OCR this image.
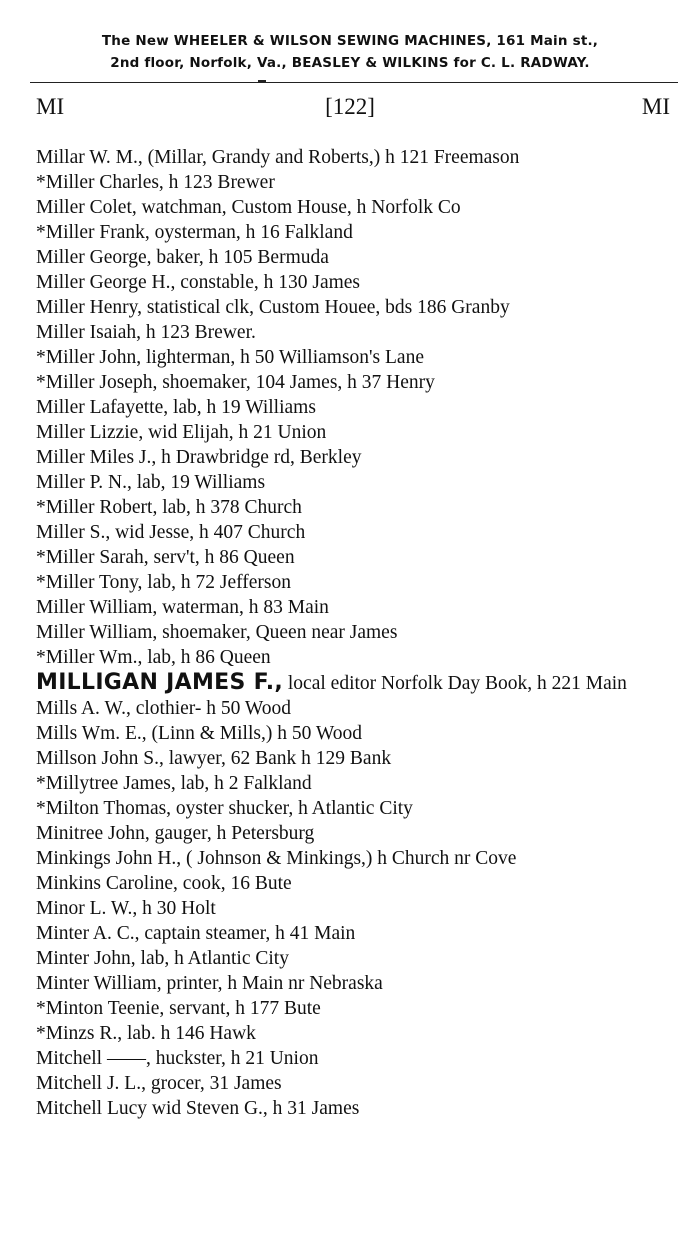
The New WHEELER & WILSON SEWING MACHINES, 161 Main st.,
2nd floor, Norfolk, Va., BEASLEY & WILKINS for C. L. RADWAY.
MI	[122]	MI
Millar W. M., (Millar, Grandy and Roberts,) h 121 Freemason
*Miller Charles, h 123 Brewer
Miller Colet, watchman, Custom House, h Norfolk Co
*Miller Frank, oysterman, h 16 Falkland
Miller George, baker, h 105 Bermuda
Miller George H., constable, h 130 James
Miller Henry, statistical clk, Custom Houee, bds 186 Granby
Miller Isaiah, h 123 Brewer.
*Miller John, lighterman, h 50 Williamson's Lane
*Miller Joseph, shoemaker, 104 James, h 37 Henry
Miller Lafayette, lab, h 19 Williams
Miller Lizzie, wid Elijah, h 21 Union
Miller Miles J., h Drawbridge rd, Berkley
Miller P. N., lab, 19 Williams
*Miller Robert, lab, h 378 Church
Miller S., wid Jesse, h 407 Church
*Miller Sarah, serv't, h 86 Queen
*Miller Tony, lab, h 72 Jefferson
Miller William, waterman, h 83 Main
Miller William, shoemaker, Queen near James
*Miller Wm., lab, h 86 Queen
MILLIGAN JAMES F., local editor Norfolk Day Book, h 221 Main
Mills A. W., clothier- h 50 Wood
Mills Wm. E., (Linn & Mills,) h 50 Wood
Millson John S., lawyer, 62 Bank h 129 Bank
*Millytree James, lab, h 2 Falkland
*Milton Thomas, oyster shucker, h Atlantic City
Minitree John, gauger, h Petersburg
Minkings John H., ( Johnson & Minkings,) h Church nr Cove
Minkins Caroline, cook, 16 Bute
Minor L. W., h 30 Holt
Minter A. C., captain steamer, h 41 Main
Minter John, lab, h Atlantic City
Minter William, printer, h Main nr Nebraska
*Minton Teenie, servant, h 177 Bute
*Minzs R., lab. h 146 Hawk
Mitchell ——, huckster, h 21 Union
Mitchell J. L., grocer, 31 James
Mitchell Lucy wid Steven G., h 31 James
